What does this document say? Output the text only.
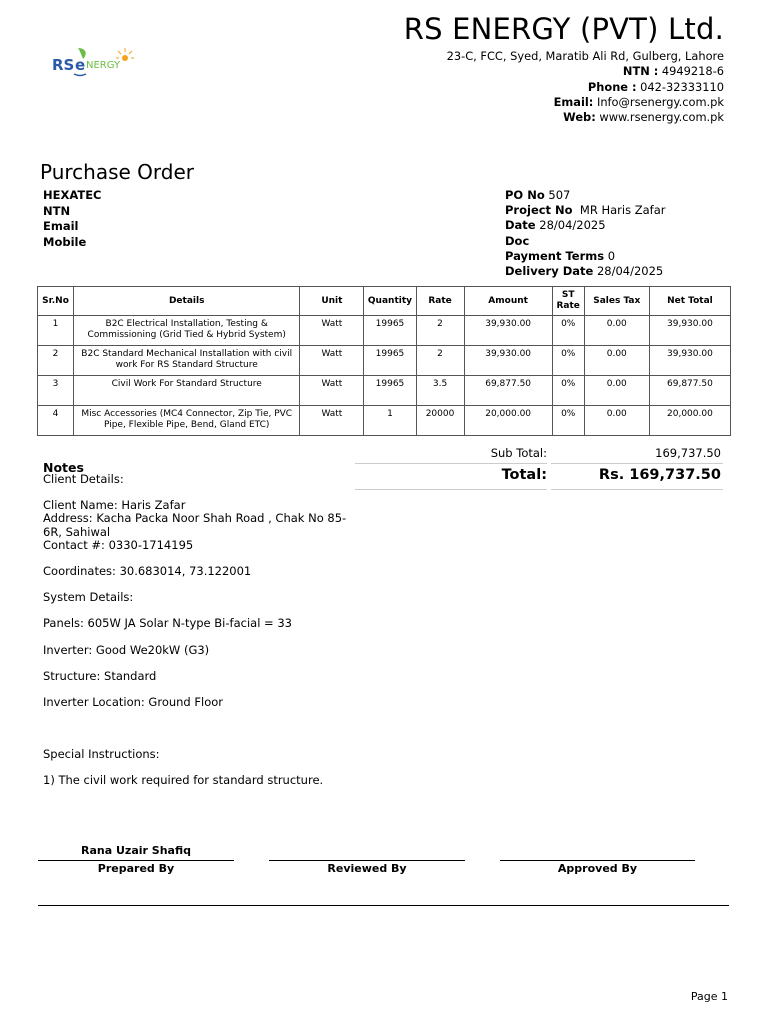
RS e NERGY
RS ENERGY (PVT) Ltd.
23-C, FCC, Syed, Maratib Ali Rd, Gulberg, Lahore
NTN : 4949218-6
Phone : 042-32333110
Email: Info@rsenergy.com.pk
Web: www.rsenergy.com.pk
Purchase Order
HEXATEC
NTN
Email
Mobile
PO No 507
Project No MR Haris Zafar
Date 28/04/2025
Doc
Payment Terms 0
Delivery Date 28/04/2025
Sr.No	Details	Unit	Quantity	Rate	Amount	ST Rate	Sales Tax	Net Total
1	B2C Electrical Installation, Testing & Commissioning (Grid Tied & Hybrid System)	Watt	19965	2	39,930.00	0%	0.00	39,930.00
2	B2C Standard Mechanical Installation with civil work For RS Standard Structure	Watt	19965	2	39,930.00	0%	0.00	39,930.00
3	Civil Work For Standard Structure	Watt	19965	3.5	69,877.50	0%	0.00	69,877.50
4	Misc Accessories (MC4 Connector, Zip Tie, PVC Pipe, Flexible Pipe, Bend, Gland ETC)	Watt	1	20000	20,000.00	0%	0.00	20,000.00
Sub Total:	169,737.50
Total:	Rs. 169,737.50
Notes

Client Details:

Client Name: Haris Zafar

Address: Kacha Packa Noor Shah Road , Chak No 85-6R, Sahiwal

Contact #: 0330-1714195

Coordinates: 30.683014, 73.122001

System Details:

Panels: 605W JA Solar N-type Bi-facial = 33

Inverter: Good We20kW (G3)

Structure: Standard

Inverter Location: Ground Floor

Special Instructions:

1) The civil work required for standard structure.

Rana Uzair Shafiq
Prepared By	Reviewed By	Approved By
Page 1
